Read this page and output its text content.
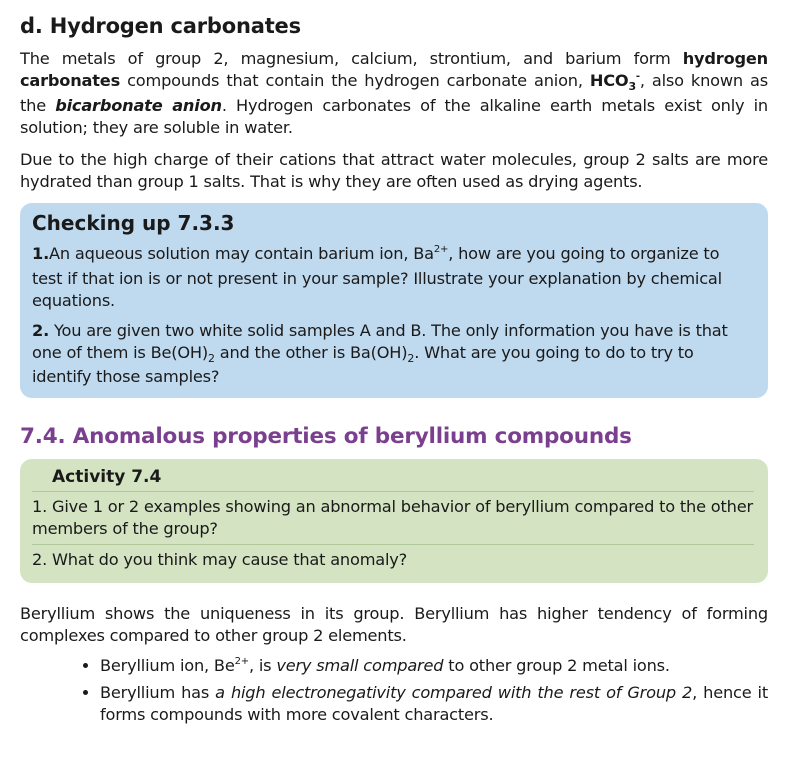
d. Hydrogen carbonates

The metals of group 2, magnesium, calcium, strontium, and barium form hydrogen carbonates compounds that contain the hydrogen carbonate anion, $HCO_3^-$, also known as the bicarbonate anion. Hydrogen carbonates of the alkaline earth metals exist only in solution; they are soluble in water.

Due to the high charge of their cations that attract water molecules, group 2 salts are more hydrated than group 1 salts. That is why they are often used as drying agents.

Checking up 7.3.3

1.An aqueous solution may contain barium ion, $Ba^{2+}$, how are you going to organize to test if that ion is or not present in your sample? Illustrate your explanation by chemical equations.

2. You are given two white solid samples A and B. The only information you have is that one of them is $Be(OH)_2$ and the other is $Ba(OH)_2$. What are you going to do to try to identify those samples?

7.4. Anomalous properties of beryllium compounds
Activity 7.4
1. Give 1 or 2 examples showing an abnormal behavior of beryllium compared to the other members of the group?
2. What do you think may cause that anomaly?

Beryllium shows the uniqueness in its group. Beryllium has higher tendency of forming complexes compared to other group 2 elements.

• Beryllium ion, $Be^{2+}$, is very small compared to other group 2 metal ions.
• Beryllium has a high electronegativity compared with the rest of Group 2, hence it forms compounds with more covalent characters.
